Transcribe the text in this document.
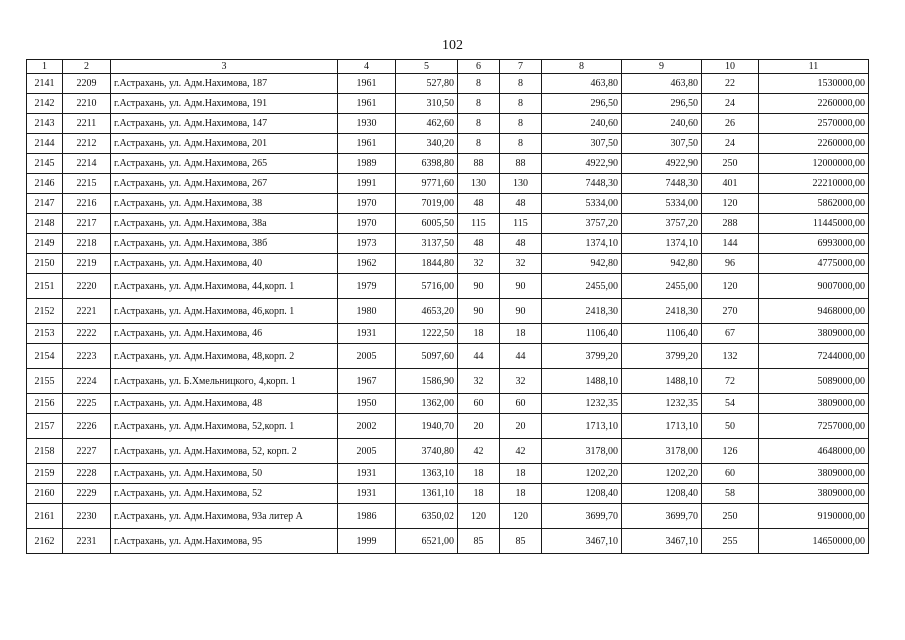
102
1	2	3	4	5	6	7	8	9	10	11
2141	2209	г.Астрахань, ул. Адм.Нахимова, 187	1961	527,80	8	8	463,80	463,80	22	1530000,00
2142	2210	г.Астрахань, ул. Адм.Нахимова, 191	1961	310,50	8	8	296,50	296,50	24	2260000,00
2143	2211	г.Астрахань, ул. Адм.Нахимова, 147	1930	462,60	8	8	240,60	240,60	26	2570000,00
2144	2212	г.Астрахань, ул. Адм.Нахимова, 201	1961	340,20	8	8	307,50	307,50	24	2260000,00
2145	2214	г.Астрахань, ул. Адм.Нахимова, 265	1989	6398,80	88	88	4922,90	4922,90	250	12000000,00
2146	2215	г.Астрахань, ул. Адм.Нахимова, 267	1991	9771,60	130	130	7448,30	7448,30	401	22210000,00
2147	2216	г.Астрахань, ул. Адм.Нахимова, 38	1970	7019,00	48	48	5334,00	5334,00	120	5862000,00
2148	2217	г.Астрахань, ул. Адм.Нахимова, 38а	1970	6005,50	115	115	3757,20	3757,20	288	11445000,00
2149	2218	г.Астрахань, ул. Адм.Нахимова, 38б	1973	3137,50	48	48	1374,10	1374,10	144	6993000,00
2150	2219	г.Астрахань, ул. Адм.Нахимова, 40	1962	1844,80	32	32	942,80	942,80	96	4775000,00
2151	2220	г.Астрахань, ул. Адм.Нахимова, 44,корп. 1	1979	5716,00	90	90	2455,00	2455,00	120	9007000,00
2152	2221	г.Астрахань, ул. Адм.Нахимова, 46,корп. 1	1980	4653,20	90	90	2418,30	2418,30	270	9468000,00
2153	2222	г.Астрахань, ул. Адм.Нахимова, 46	1931	1222,50	18	18	1106,40	1106,40	67	3809000,00
2154	2223	г.Астрахань, ул. Адм.Нахимова, 48,корп. 2	2005	5097,60	44	44	3799,20	3799,20	132	7244000,00
2155	2224	г.Астрахань, ул. Б.Хмельницкого, 4,корп. 1	1967	1586,90	32	32	1488,10	1488,10	72	5089000,00
2156	2225	г.Астрахань, ул. Адм.Нахимова, 48	1950	1362,00	60	60	1232,35	1232,35	54	3809000,00
2157	2226	г.Астрахань, ул. Адм.Нахимова, 52,корп. 1	2002	1940,70	20	20	1713,10	1713,10	50	7257000,00
2158	2227	г.Астрахань, ул. Адм.Нахимова, 52, корп. 2	2005	3740,80	42	42	3178,00	3178,00	126	4648000,00
2159	2228	г.Астрахань, ул. Адм.Нахимова, 50	1931	1363,10	18	18	1202,20	1202,20	60	3809000,00
2160	2229	г.Астрахань, ул. Адм.Нахимова, 52	1931	1361,10	18	18	1208,40	1208,40	58	3809000,00
2161	2230	г.Астрахань, ул. Адм.Нахимова, 93а литер А	1986	6350,02	120	120	3699,70	3699,70	250	9190000,00
2162	2231	г.Астрахань, ул. Адм.Нахимова, 95	1999	6521,00	85	85	3467,10	3467,10	255	14650000,00
